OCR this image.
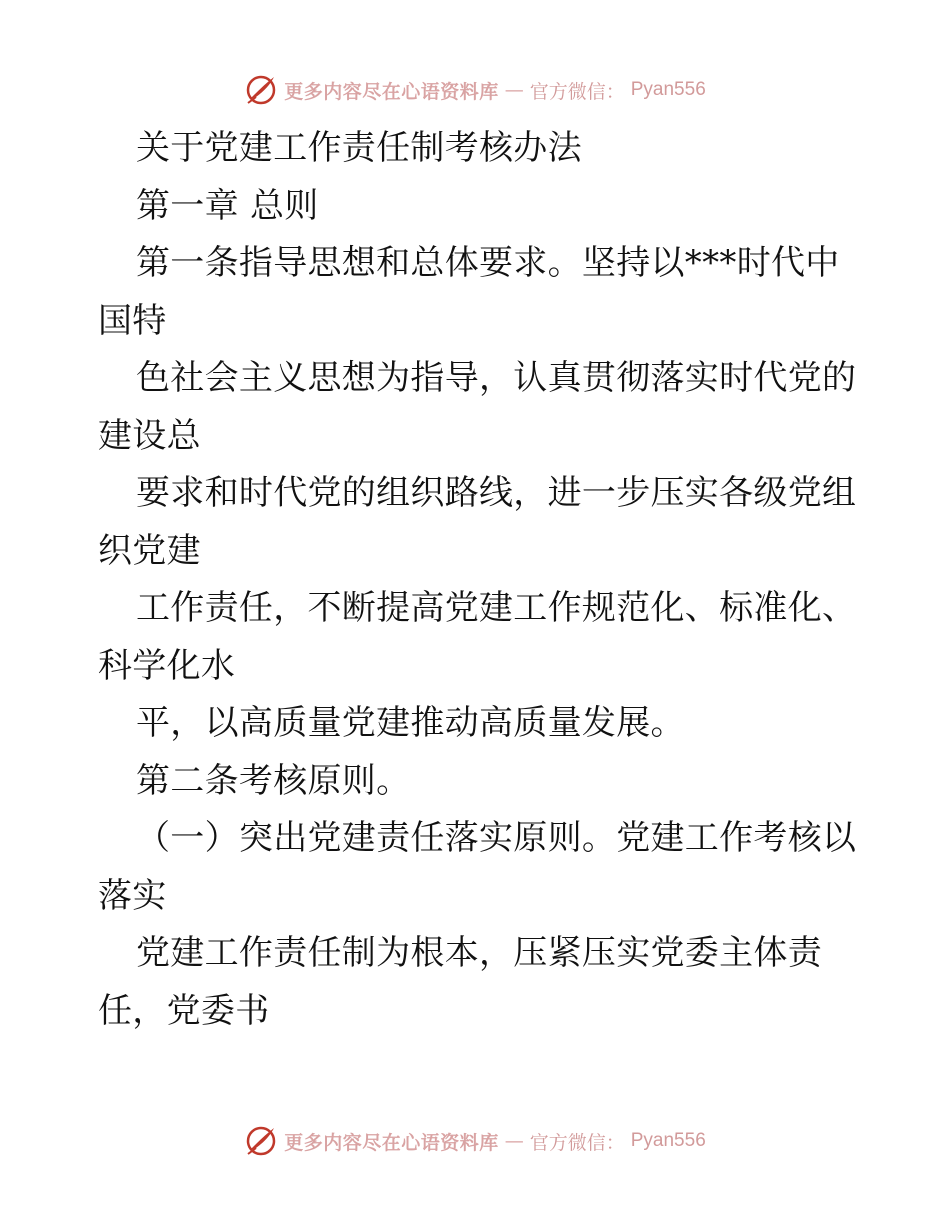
更多内容尽在心语资料库 — 官方微信： Pyan556
关于党建工作责任制考核办法
第一章 总则
第一条指导思想和总体要求。坚持以***时代中
国特
色社会主义思想为指导，认真贯彻落实时代党的
建设总
要求和时代党的组织路线，进一步压实各级党组
织党建
工作责任，不断提高党建工作规范化、标准化、
科学化水
平，以高质量党建推动高质量发展。
第二条考核原则。
（一）突出党建责任落实原则。党建工作考核以
落实
党建工作责任制为根本，压紧压实党委主体责
任，党委书
更多内容尽在心语资料库 — 官方微信： Pyan556
